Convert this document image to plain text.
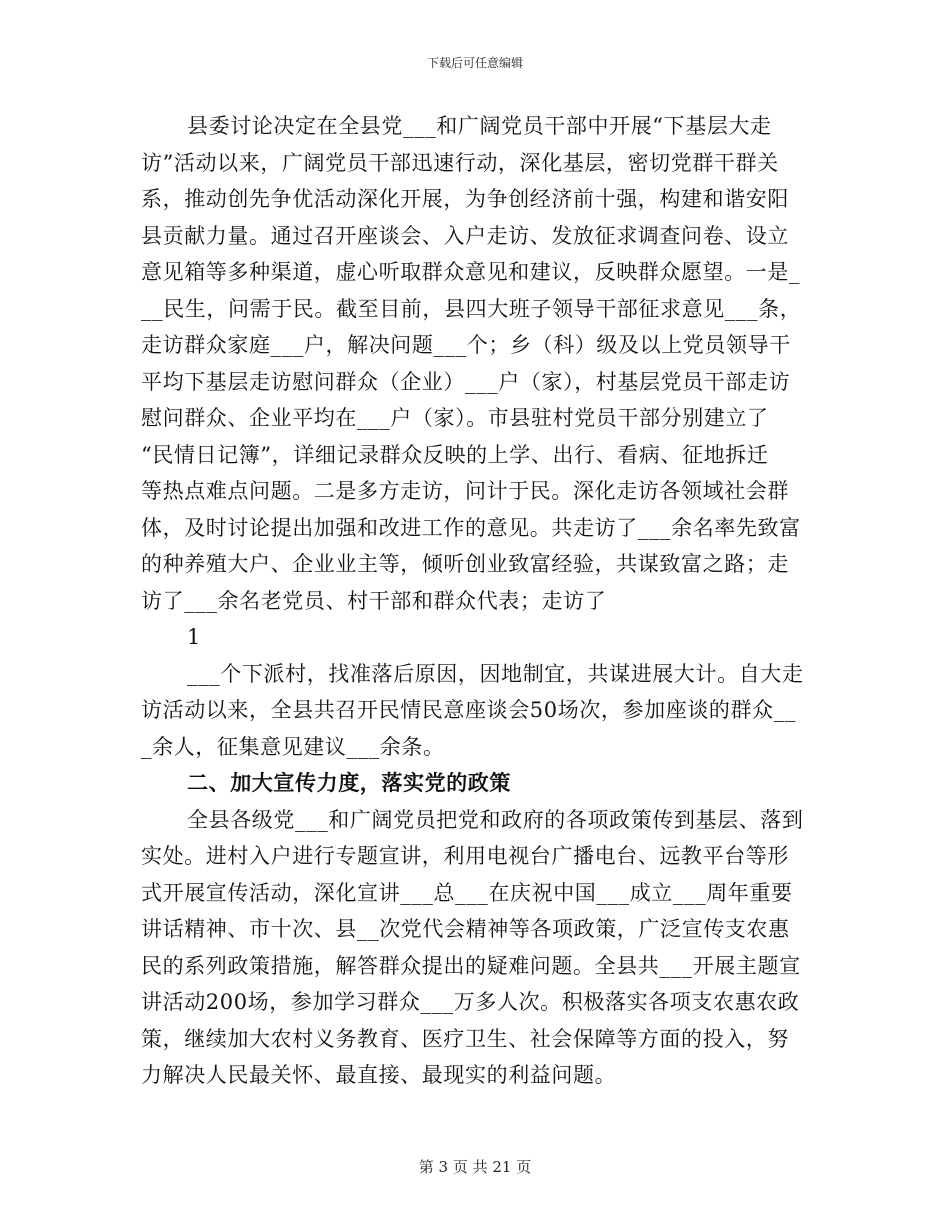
下载后可任意编辑
县委讨论决定在全县党___和广阔党员干部中开展“下基层大走
访”活动以来，广阔党员干部迅速行动，深化基层，密切党群干群关
系，推动创先争优活动深化开展，为争创经济前十强，构建和谐安阳
县贡献力量。通过召开座谈会、入户走访、发放征求调查问卷、设立
意见箱等多种渠道，虚心听取群众意见和建议，反映群众愿望。一是_
__民生，问需于民。截至目前，县四大班子领导干部征求意见___条，
走访群众家庭___户，解决问题___个；乡（科）级及以上党员领导干
平均下基层走访慰问群众（企业）___户（家），村基层党员干部走访
慰问群众、企业平均在___户（家）。市县驻村党员干部分别建立了
“民情日记簿”，详细记录群众反映的上学、出行、看病、征地拆迁
等热点难点问题。二是多方走访，问计于民。深化走访各领域社会群
体，及时讨论提出加强和改进工作的意见。共走访了___余名率先致富
的种养殖大户、企业业主等，倾听创业致富经验，共谋致富之路；走
访了___余名老党员、村干部和群众代表；走访了
1
___个下派村，找准落后原因，因地制宜，共谋进展大计。自大走
访活动以来，全县共召开民情民意座谈会50场次，参加座谈的群众__
_余人，征集意见建议___余条。
二、加大宣传力度，落实党的政策
全县各级党___和广阔党员把党和政府的各项政策传到基层、落到
实处。进村入户进行专题宣讲，利用电视台广播电台、远教平台等形
式开展宣传活动，深化宣讲___总___在庆祝中国___成立___周年重要
讲话精神、市十次、县__次党代会精神等各项政策，广泛宣传支农惠
民的系列政策措施，解答群众提出的疑难问题。全县共___开展主题宣
讲活动200场，参加学习群众___万多人次。积极落实各项支农惠农政
策，继续加大农村义务教育、医疗卫生、社会保障等方面的投入，努
力解决人民最关怀、最直接、最现实的利益问题。
第 3 页 共 21 页
